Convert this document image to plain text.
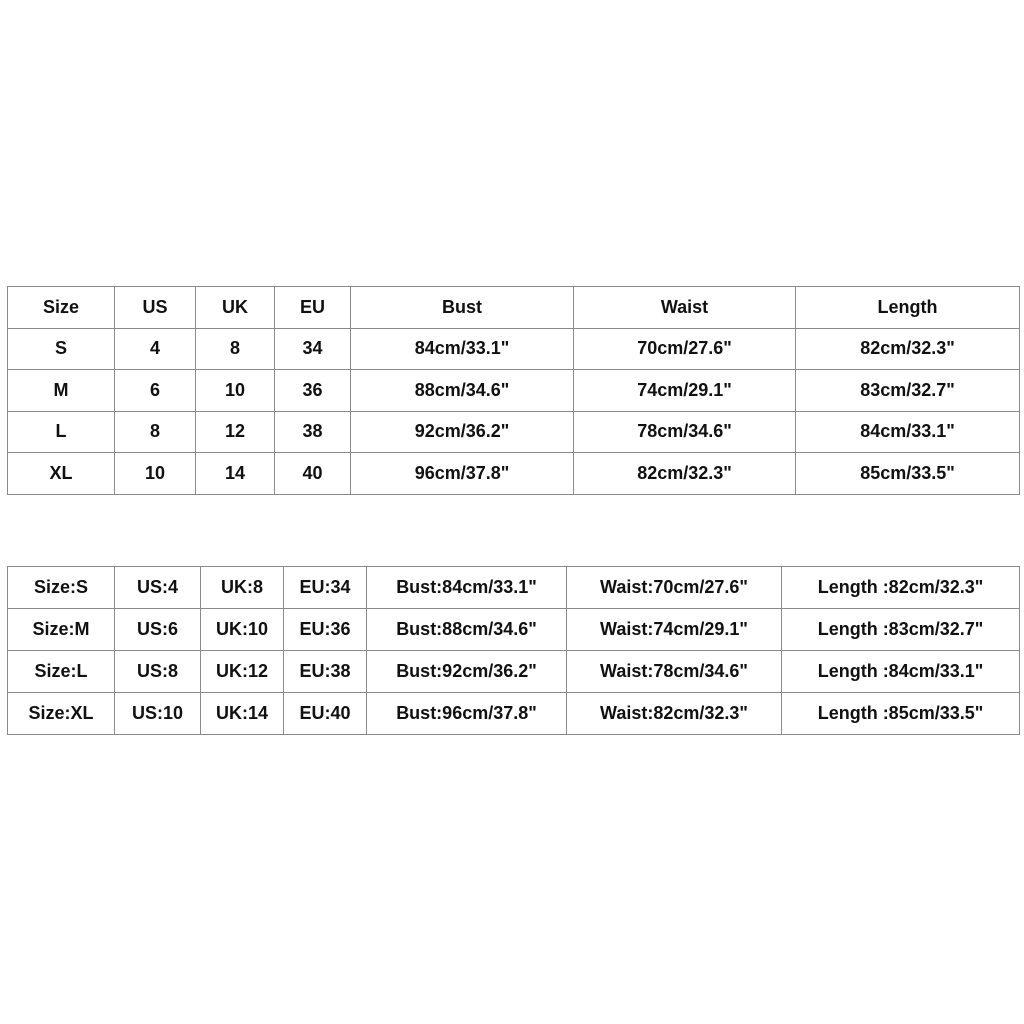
Size	US	UK	EU	Bust	Waist	Length
S	4	8	34	84cm/33.1"	70cm/27.6"	82cm/32.3"
M	6	10	36	88cm/34.6"	74cm/29.1"	83cm/32.7"
L	8	12	38	92cm/36.2"	78cm/34.6"	84cm/33.1"
XL	10	14	40	96cm/37.8"	82cm/32.3"	85cm/33.5"
Size:S	US:4	UK:8	EU:34	Bust:84cm/33.1"	Waist:70cm/27.6"	Length :82cm/32.3"
Size:M	US:6	UK:10	EU:36	Bust:88cm/34.6"	Waist:74cm/29.1"	Length :83cm/32.7"
Size:L	US:8	UK:12	EU:38	Bust:92cm/36.2"	Waist:78cm/34.6"	Length :84cm/33.1"
Size:XL	US:10	UK:14	EU:40	Bust:96cm/37.8"	Waist:82cm/32.3"	Length :85cm/33.5"
